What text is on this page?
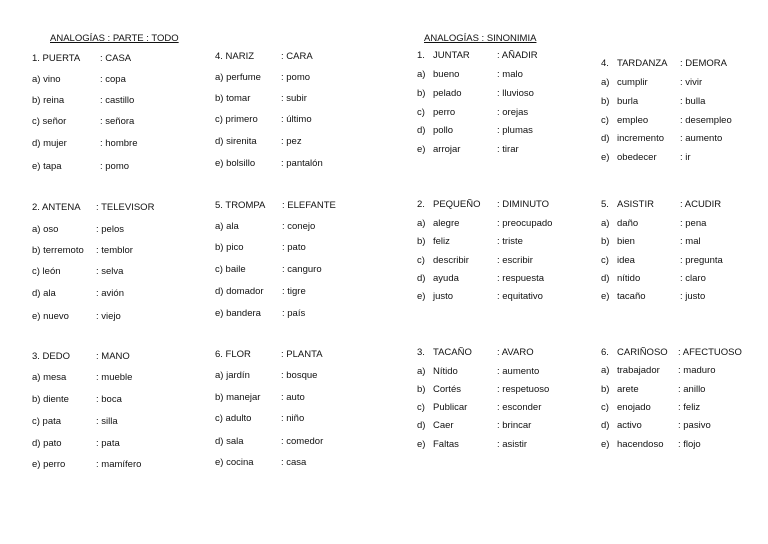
ANALOGÍAS : PARTE : TODO	ANALOGÍAS : SINONIMIA
1. PUERTA : CASA
a) vino	: copa
b) reina	: castillo
c) señor	: señora
d) mujer	: hombre
e) tapa	: pomo
4. NARIZ	: CARA
a) perfume : pomo
b) tomar	: subir
c) primero : último
d) sirenita	: pez
e) bolsillo	: pantalón
2. ANTENA : TELEVISOR
a) oso	: pelos
b) terremoto : temblor
c) león	: selva
d) ala	: avión
e) nuevo	: viejo
5. TROMPA : ELEFANTE
a) ala	: conejo
b) pico	: pato
c) baile	: canguro
d) domador : tigre
e) bandera : país
3. DEDO	: MANO
a) mesa	: mueble
b) diente	: boca
c) pata	: silla
d) pato	: pata
e) perro	: mamífero
6. FLOR	: PLANTA
a) jardín	: bosque
b) manejar : auto
c) adulto	: niño
d) sala	: comedor
e) cocina	: casa
1. JUNTAR	: AÑADIR
a) bueno	: malo
b) pelado	: lluvioso
c) perro	: orejas
d) pollo	: plumas
e) arrojar	: tirar
4. TARDANZA : DEMORA
a) cumplir	: vivir
b) burla	: bulla
c) empleo	: desempleo
d) incremento : aumento
e) obedecer : ir
2. PEQUEÑO : DIMINUTO
a) alegre	: preocupado
b) feliz	: triste
c) describir	: escribir
d) ayuda	: respuesta
e) justo	: equitativo
5. ASISTIR	: ACUDIR
a) daño	: pena
b) bien	: mal
c) idea	: pregunta
d) nítido	: claro
e) tacaño	: justo
3. TACAÑO	: AVARO
a) Nítido	: aumento
b) Cortés	: respetuoso
c) Publicar	: esconder
d) Caer	: brincar
e) Faltas	: asistir
6. CARIÑOSO : AFECTUOSO
a) trabajador : maduro
b) arete	: anillo
c) enojado	: feliz
d) activo	: pasivo
e) hacendoso : flojo
